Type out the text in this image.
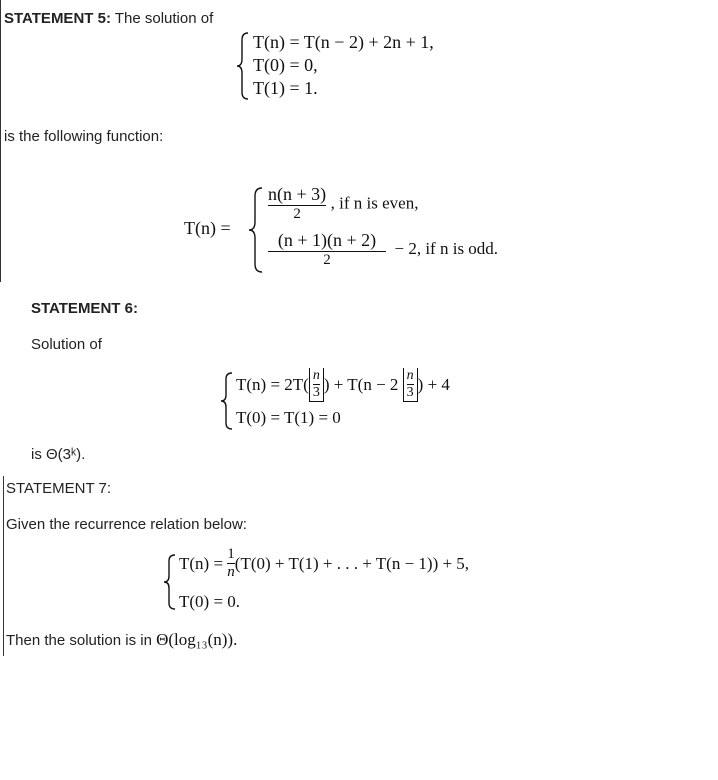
STATEMENT 5: The solution of
T(n) = T(n − 2) + 2n + 1,
T(0) = 0,
T(1) = 1.
is the following function:
T(n) =
$\frac{n(n + 3)}{2}$ , if n is even,
$\frac{(n + 1)(n + 2)}{2} - 2$, if n is odd.
STATEMENT 6:
Solution of
$T(n) = 2T( \frac{n}{3}$ ) + $T(n - 2 \frac{n}{3}$ ) + 4
T(0) = T(1) = 0
is Θ(3ᵏ).
STATEMENT 7:
Given the recurrence relation below:
$T(n) = \frac{1}{n} (T(0) + T(1)$ + . . . + T(n − 1)) + 5,
T(0) = 0.
Then the solution is in Θ(log₁₃(n)).
